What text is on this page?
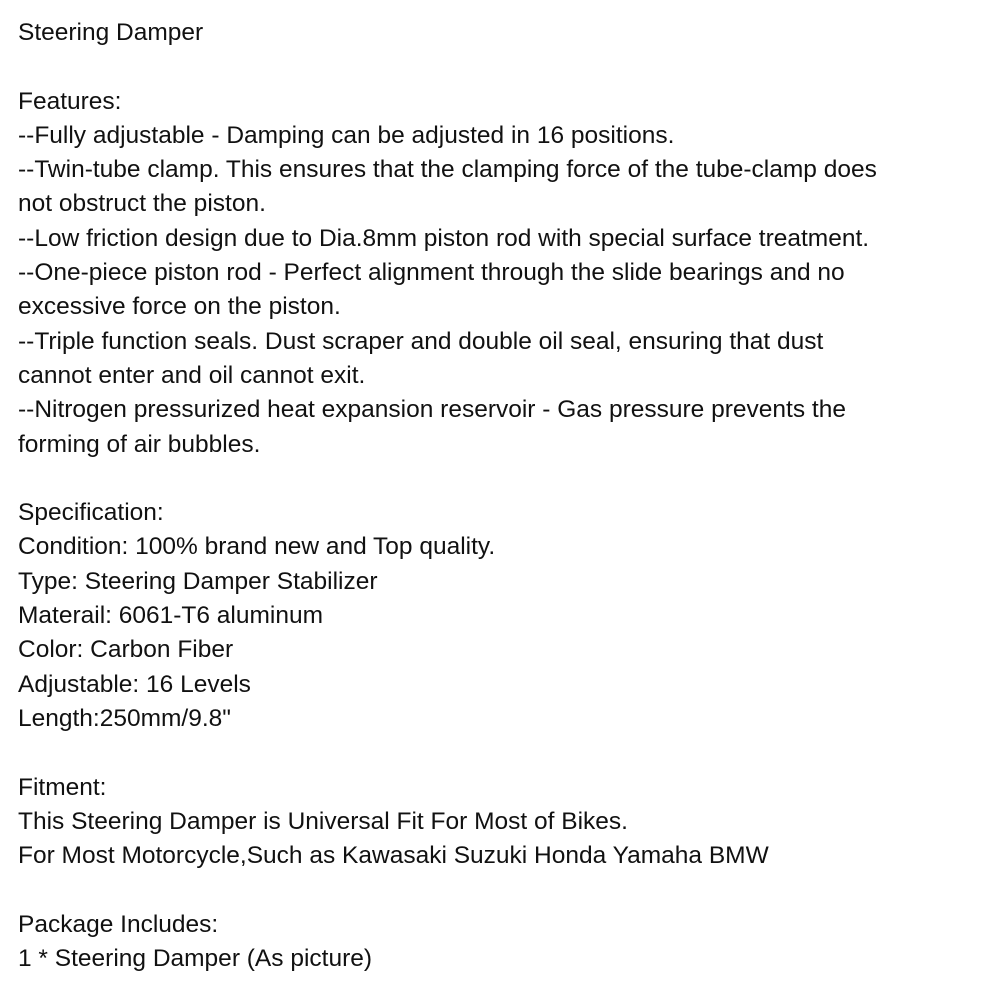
Steering Damper
Features:
--Fully adjustable - Damping can be adjusted in 16 positions.
--Twin-tube clamp. This ensures that the clamping force of the tube-clamp does
not obstruct the piston.
--Low friction design due to Dia.8mm piston rod with special surface treatment.
--One-piece piston rod - Perfect alignment through the slide bearings and no
excessive force on the piston.
--Triple function seals. Dust scraper and double oil seal, ensuring that dust
cannot enter and oil cannot exit.
--Nitrogen pressurized heat expansion reservoir - Gas pressure prevents the
forming of air bubbles.
Specification:
Condition: 100% brand new and Top quality.
Type: Steering Damper Stabilizer
Materail: 6061-T6 aluminum
Color: Carbon Fiber
Adjustable: 16 Levels
Length:250mm/9.8"
Fitment:
This Steering Damper is Universal Fit For Most of Bikes.
For Most Motorcycle,Such as Kawasaki Suzuki Honda Yamaha BMW
Package Includes:
1 * Steering Damper (As picture)
